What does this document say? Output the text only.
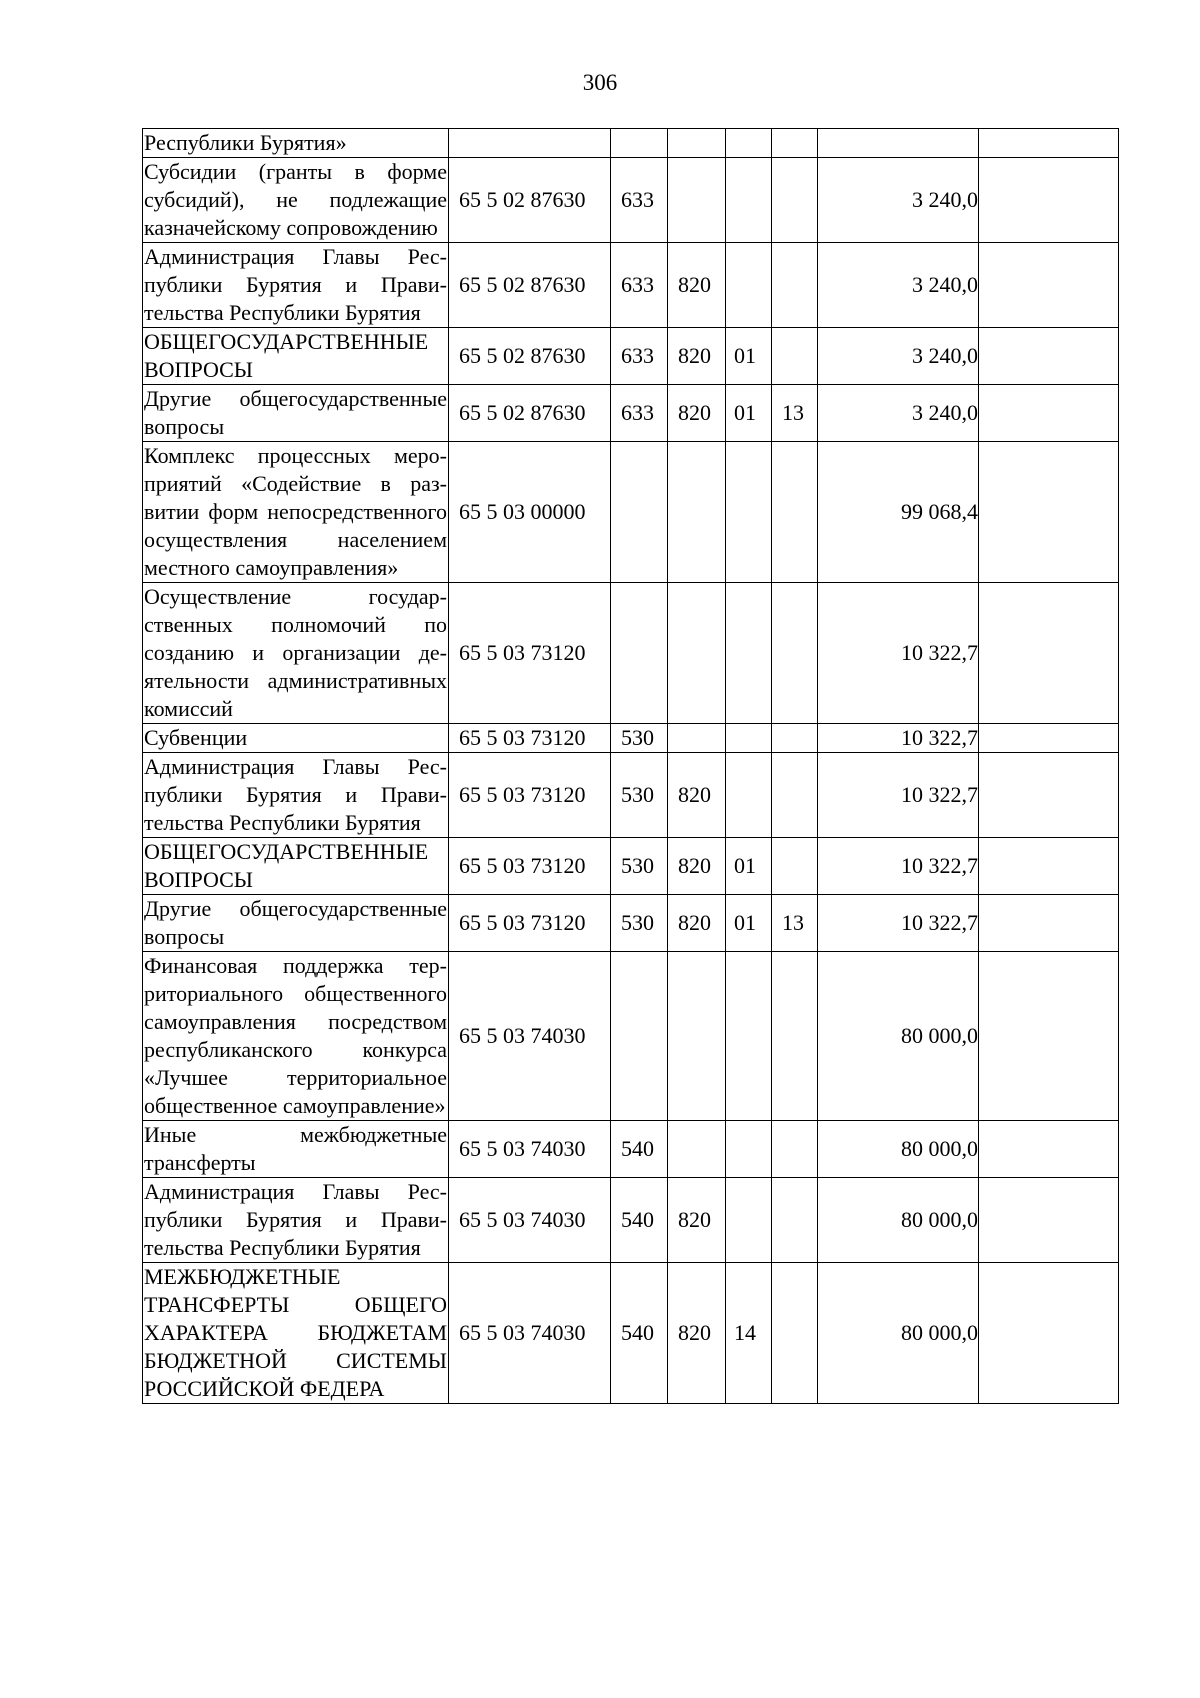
306
Республики Бурятия»							
Субсидии (гранты в форме субсидий), не подлежащие казначейскому сопровождению	65 5 02 87630	633				3 240,0	
Администрация Главы Республики Бурятия и Правительства Республики Бурятия	65 5 02 87630	633	820			3 240,0	
ОБЩЕГОСУДАРСТВЕННЫЕ ВОПРОСЫ	65 5 02 87630	633	820	01		3 240,0	
Другие общегосударственные вопросы	65 5 02 87630	633	820	01	13	3 240,0	
Комплекс процессных мероприятий «Содействие в развитии форм непосредственного осуществления населением местного самоуправления»	65 5 03 00000					99 068,4	
Осуществление государственных полномочий по созданию и организации деятельности административных комиссий	65 5 03 73120					10 322,7	
Субвенции	65 5 03 73120	530				10 322,7	
Администрация Главы Республики Бурятия и Правительства Республики Бурятия	65 5 03 73120	530	820			10 322,7	
ОБЩЕГОСУДАРСТВЕННЫЕ ВОПРОСЫ	65 5 03 73120	530	820	01		10 322,7	
Другие общегосударственные вопросы	65 5 03 73120	530	820	01	13	10 322,7	
Финансовая поддержка территориального общественного самоуправления посредством республиканского конкурса «Лучшее территориальное общественное самоуправление»	65 5 03 74030					80 000,0	
Иные межбюджетные трансферты	65 5 03 74030	540				80 000,0	
Администрация Главы Республики Бурятия и Правительства Республики Бурятия	65 5 03 74030	540	820			80 000,0	
МЕЖБЮДЖЕТНЫЕ ТРАНСФЕРТЫ ОБЩЕГО ХАРАКТЕРА БЮДЖЕТАМ БЮДЖЕТНОЙ СИСТЕМЫ РОССИЙСКОЙ ФЕДЕРА	65 5 03 74030	540	820	14		80 000,0	
